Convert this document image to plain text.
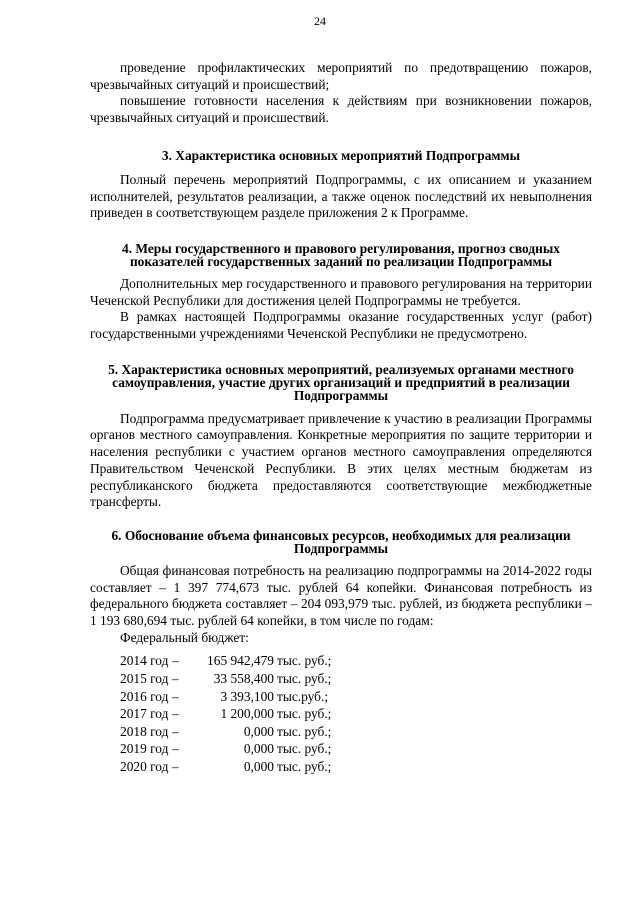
24

проведение профилактических мероприятий по предотвращению пожаров, чрезвычайных ситуаций и происшествий;

повышение готовности населения к действиям при возникновении пожаров, чрезвычайных ситуаций и происшествий.

3. Характеристика основных мероприятий Подпрограммы

Полный перечень мероприятий Подпрограммы, с их описанием и указанием исполнителей, результатов реализации, а также оценок последствий их невыполнения приведен в соответствующем разделе приложения 2 к Программе.

4. Меры государственного и правового регулирования, прогноз сводных показателей государственных заданий по реализации Подпрограммы

Дополнительных мер государственного и правового регулирования на территории Чеченской Республики для достижения целей Подпрограммы не требуется.

В рамках настоящей Подпрограммы оказание государственных услуг (работ) государственными учреждениями Чеченской Республики не предусмотрено.

5. Характеристика основных мероприятий, реализуемых органами местного самоуправления, участие других организаций и предприятий в реализации Подпрограммы

Подпрограмма предусматривает привлечение к участию в реализации Программы органов местного самоуправления. Конкретные мероприятия по защите территории и населения республики с участием органов местного самоуправления определяются Правительством Чеченской Республики. В этих целях местным бюджетам из республиканского бюджета предоставляются соответствующие межбюджетные трансферты.

6. Обоснование объема финансовых ресурсов, необходимых для реализации Подпрограммы

Общая финансовая потребность на реализацию подпрограммы на 2014-2022 годы составляет – 1 397 774,673 тыс. рублей 64 копейки. Финансовая потребность из федерального бюджета составляет – 204 093,979 тыс. рублей, из бюджета республики – 1 193 680,694 тыс. рублей 64 копейки, в том числе по годам:

Федеральный бюджет:

2014 год –	165 942,479 тыс. руб.;
2015 год –	33 558,400 тыс. руб.;
2016 год –	3 393,100 тыс.руб.;
2017 год –	1 200,000 тыс. руб.;
2018 год –	0,000 тыс. руб.;
2019 год –	0,000 тыс. руб.;
2020 год –	0,000 тыс. руб.;
